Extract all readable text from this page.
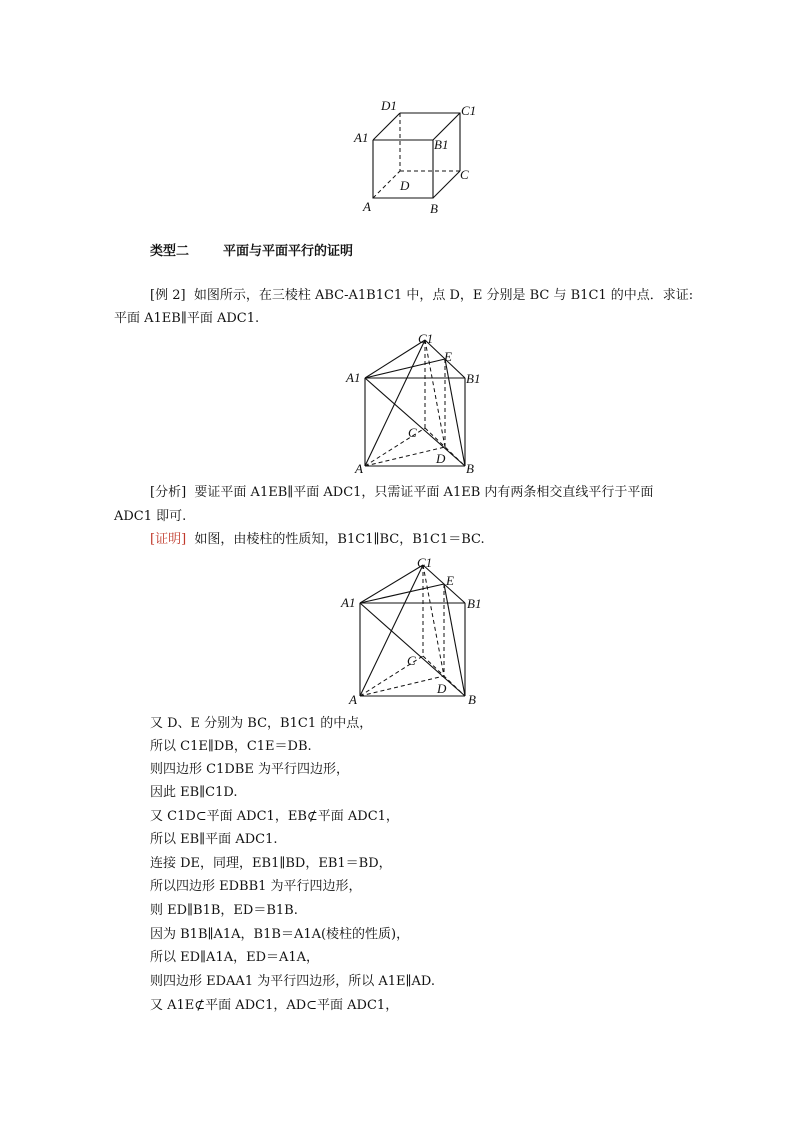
D1	C1
A1	B1
D
C
A	B
类型二	平面与平面平行的证明
[例 2] 如图所示，在三棱柱 ABC-A1B1C1 中，点 D，E 分别是 BC 与 B1C1 的中点．求证:
平面 A1EB∥平面 ADC1.
C1
E
A1	B1
C
D
A	B
[分析] 要证平面 A1EB∥平面 ADC1，只需证平面 A1EB 内有两条相交直线平行于平面
ADC1 即可.
[证明] 如图，由棱柱的性质知，B1C1∥BC，B1C1＝BC.
C1
E
A1	B1
C
D
A	B
又 D、E 分别为 BC，B1C1 的中点，
所以 C1E∥DB，C1E＝DB.
则四边形 C1DBE 为平行四边形，
因此 EB∥C1D.
又 C1D⊂平面 ADC1，EB⊄平面 ADC1，
所以 EB∥平面 ADC1.
连接 DE，同理，EB1∥BD，EB1＝BD，
所以四边形 EDBB1 为平行四边形，
则 ED∥B1B，ED＝B1B.
因为 B1B∥A1A，B1B＝A1A(棱柱的性质)，
所以 ED∥A1A，ED＝A1A，
则四边形 EDAA1 为平行四边形，所以 A1E∥AD.
又 A1E⊄平面 ADC1，AD⊂平面 ADC1，
